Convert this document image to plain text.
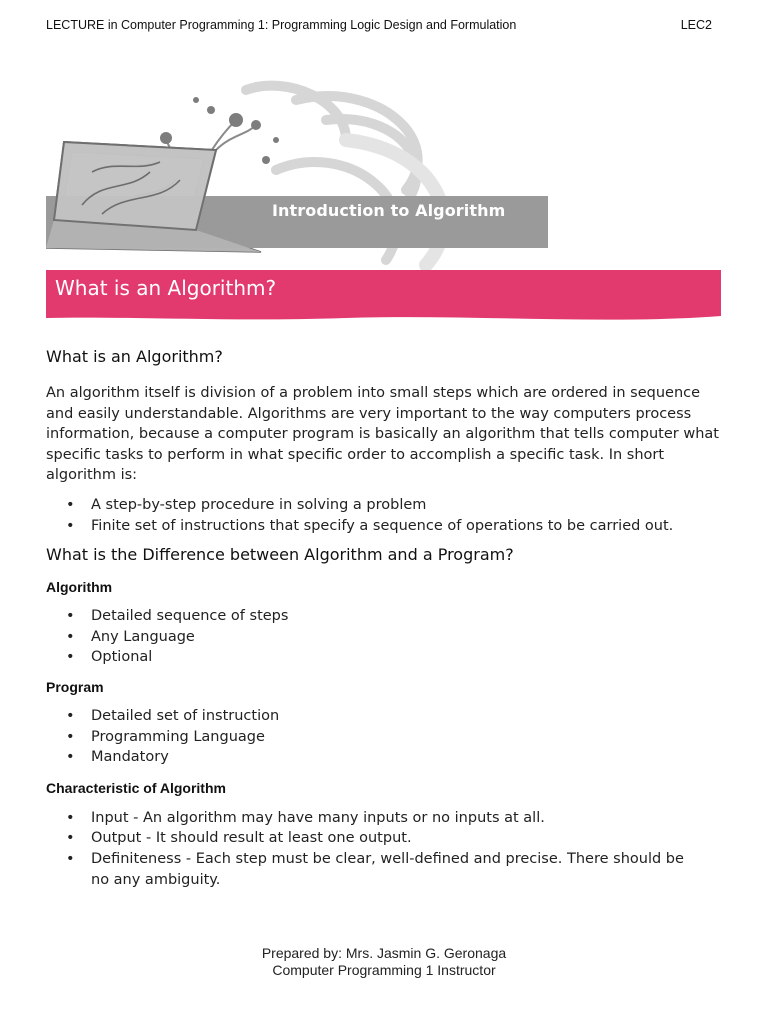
LECTURE in Computer Programming 1: Programming Logic Design and Formulation	LEC2
Introduction to Algorithm
What is an Algorithm?
What is an Algorithm?

An algorithm itself is division of a problem into small steps which are ordered in sequence and easily understandable. Algorithms are very important to the way computers process information, because a computer program is basically an algorithm that tells computer what specific tasks to perform in what specific order to accomplish a specific task. In short algorithm is:

• A step-by-step procedure in solving a problem
• Finite set of instructions that specify a sequence of operations to be carried out.
What is the Difference between Algorithm and a Program?
Algorithm
• Detailed sequence of steps
• Any Language
• Optional
Program
• Detailed set of instruction
• Programming Language
• Mandatory
Characteristic of Algorithm
• Input - An algorithm may have many inputs or no inputs at all.
• Output - It should result at least one output.
• Definiteness - Each step must be clear, well-defined and precise. There should be no any ambiguity.
Prepared by: Mrs. Jasmin G. Geronaga
Computer Programming 1 Instructor
